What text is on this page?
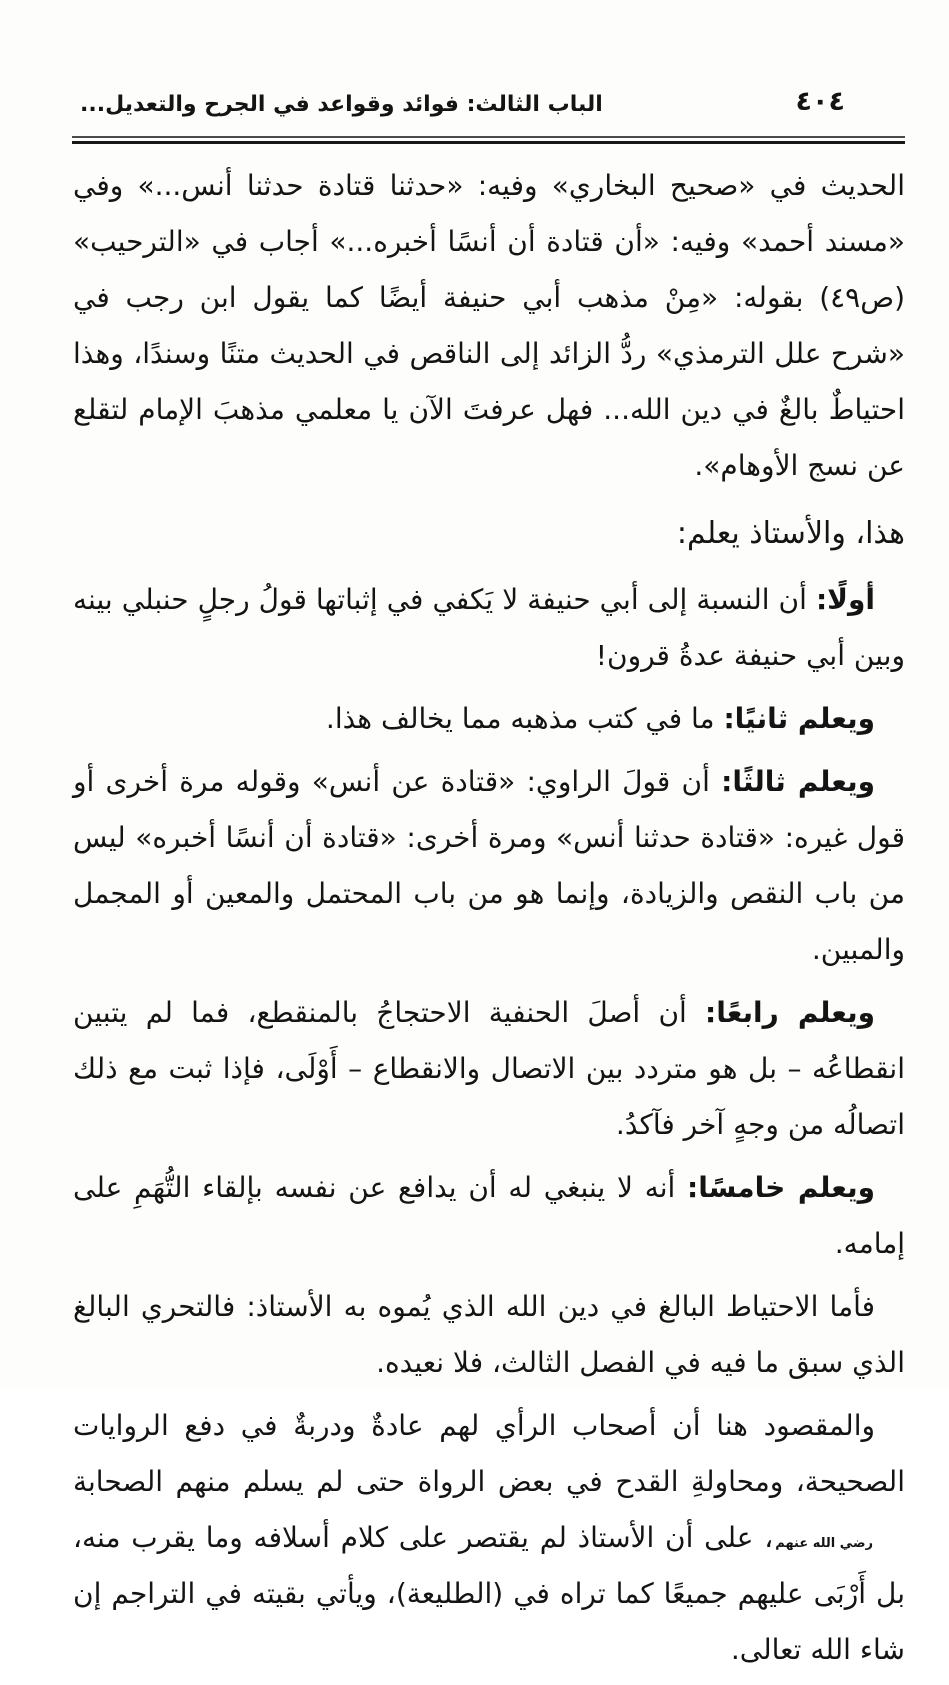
٤٠٤
الباب الثالث: فوائد وقواعد في الجرح والتعديل...

الحديث في «صحيح البخاري» وفيه: «حدثنا قتادة حدثنا أنس...» وفي «مسند أحمد» وفيه: «أن قتادة أن أنسًا أخبره...» أجاب في «الترحيب» (ص٤٩) بقوله: «مِنْ مذهب أبي حنيفة أيضًا كما يقول ابن رجب في «شرح علل الترمذي» ردُّ الزائد إلى الناقص في الحديث متنًا وسندًا، وهذا احتياطٌ بالغٌ في دين الله... فهل عرفتَ الآن يا معلمي مذهبَ الإمام لتقلع عن نسج الأوهام».

هذا، والأستاذ يعلم:

أولًا: أن النسبة إلى أبي حنيفة لا يَكفي في إثباتها قولُ رجلٍ حنبلي بينه وبين أبي حنيفة عدةُ قرون!

ويعلم ثانيًا: ما في كتب مذهبه مما يخالف هذا.

ويعلم ثالثًا: أن قولَ الراوي: «قتادة عن أنس» وقوله مرة أخرى أو قول غيره: «قتادة حدثنا أنس» ومرة أخرى: «قتادة أن أنسًا أخبره» ليس من باب النقص والزيادة، وإنما هو من باب المحتمل والمعين أو المجمل والمبين.

ويعلم رابعًا: أن أصلَ الحنفية الاحتجاجُ بالمنقطع، فما لم يتبين انقطاعُه – بل هو متردد بين الاتصال والانقطاع – أَوْلَى، فإذا ثبت مع ذلك اتصالُه من وجهٍ آخر فآكدُ.

ويعلم خامسًا: أنه لا ينبغي له أن يدافع عن نفسه بإلقاء التُّهَمِ على إمامه.

فأما الاحتياط البالغ في دين الله الذي يُموه به الأستاذ: فالتحري البالغ الذي سبق ما فيه في الفصل الثالث، فلا نعيده.

والمقصود هنا أن أصحاب الرأي لهم عادةٌ ودربةٌ في دفع الروايات الصحيحة، ومحاولةِ القدح في بعض الرواة حتى لم يسلم منهم الصحابة رضي الله عنهم، على أن الأستاذ لم يقتصر على كلام أسلافه وما يقرب منه، بل أَرْبَى عليهم جميعًا كما تراه في (الطليعة)، ويأتي بقيته في التراجم إن شاء الله تعالى.
